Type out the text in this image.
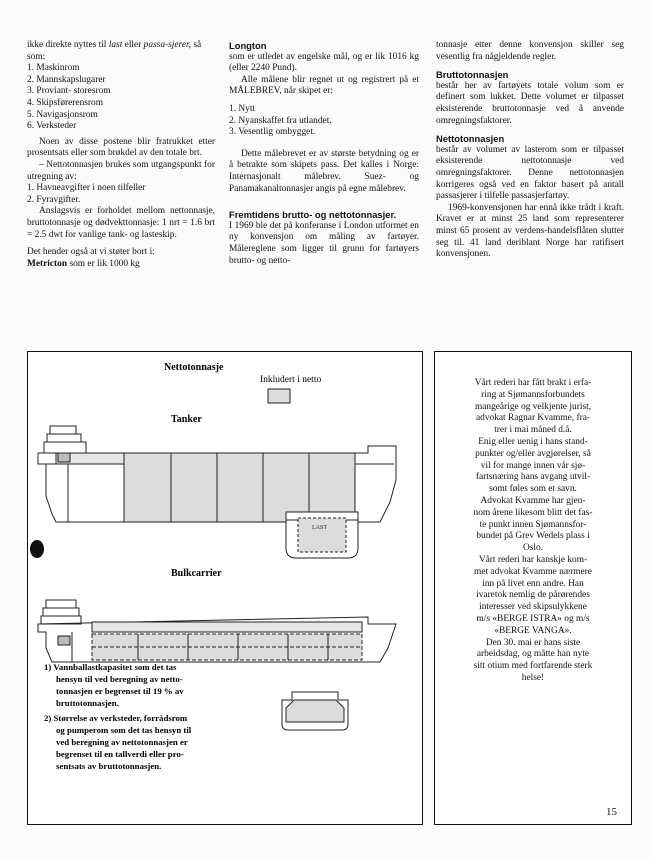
ikke direkte nyttes til last eller passa-sjerer, så som:

1. Maskinrom

2. Mannskapslugarer

3. Proviant- storesrom

4. Skipsførerensrom

5. Navigasjonsrom

6. Verksteder

Noen av disse postene blir fratrukket etter prosentsats eller som brøkdel av den totale brt.

– Nettotonnasjen brukes som utgangspunkt for utregning av:

1. Havneavgifter i noen tilfeller

2. Fyravgifter.

Anslagsvis er forholdet mellom nettonnasje, bruttotonnasje og dødvekttonnasje: 1 nrt = 1.6 brt = 2.5 dwt for vanlige tank- og lasteskip.

Det hender også at vi støter bort i:
Metricton som er lik 1000 kg

Longton

som er utledet av engelske mål, og er lik 1016 kg (eller 2240 Pund).

Alle målene blir regnet ut og registrert på et MÅLEBREV, når skipet er:

1. Nytt

2. Nyanskaffet fra utlandet.

3. Vesentlig ombygget.

Dette målebrevet er av største betydning og er å betrakte som skipets pass. Det kalles i Norge: Internasjonalt målebrev. Suez- og Panamakanaltonnasjer angis på egne målebrev.

Fremtidens brutto- og nettotonnasjer.

I 1969 ble det på konferanse i London utformet en ny konvensjon om måling av fartøyer. Målereglene som ligger til grunn for fartøyers brutto- og netto-

tonnasje etter denne konvensjon skiller seg vesentlig fra någjeldende regler.

Bruttotonnasjen

består her av fartøyets totale volum som er definert som lukket. Dette volumet er tilpasset eksisterende bruttotonnasje ved å anvende omregningsfaktorer.

Nettotonnasjen

består av volumet av lasterom som er tilpasset eksisterende nettotonnasje ved omregningsfaktorer. Denne nettotonnasjen korrigeres også ved en faktor basert på antall passasjerer i tilfelle passasjerfartøy.

1969-konvensjonen har ennå ikke trådt i kraft. Kravet er at minst 25 land som representerer minst 65 prosent av verdens-handelsflåten slutter seg til. 41 land deriblant Norge har ratifisert konvensjonen.

Nettotonnasje
Inkludert i netto
Tanker
LAST
Bulkcarrier
1) Vannballastkapasitet som det tas
hensyn til ved beregning av netto-
tonnasjen er begrenset til 19 % av
bruttotonnasjen.
2) Størrelse av verksteder, forrådsrom
og pumperom som det tas hensyn til
ved beregning av nettotonnasjen er
begrenset til en tallverdi eller pro-
sentsats av bruttotonnasjen.

Vårt rederi har fått brakt i erfa-

ring at Sjømannsforbundets

mangeårige og velkjente jurist,

advokat Ragnar Kvamme, fra-

trer i mai måned d.å.

Enig eller uenig i hans stand-

punkter og/eller avgjørelser, så

vil for mange innen vår sjø-

fartsnæring hans avgang utvil-

somt føles som et savn.

Advokat Kvamme har gjen-

nom årene likesom blitt det fas-

te punkt innen Sjømannsfor-

bundet på Grev Wedels plass i

Oslo.

Vårt rederi har kanskje kom-

met advokat Kvamme nærmere

inn på livet enn andre. Han

ivaretok nemlig de pårørendes

interesser ved skipsulykkene

m/s «BERGE ISTRA» og m/s

«BERGE VANGA».

Den 30. mai er hans siste

arbeidsdag, og måtte han nyte

sitt otium med fortfarende sterk

helse!

15
